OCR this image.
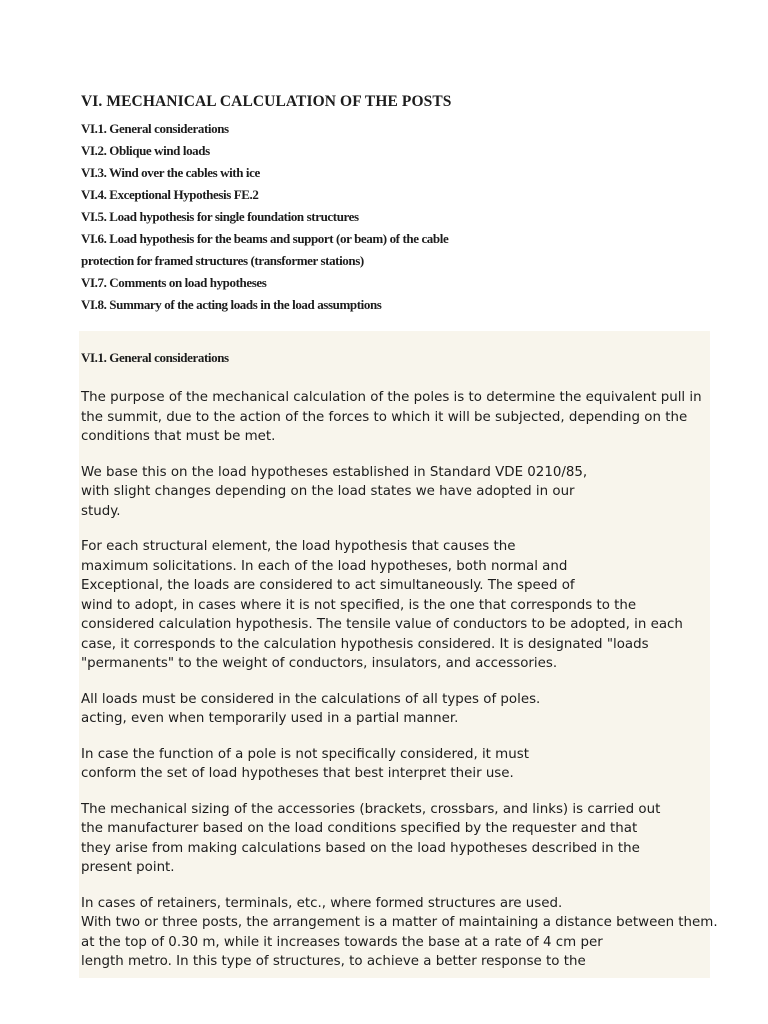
VI. MECHANICAL CALCULATION OF THE POSTS
VI.1. General considerations
VI.2. Oblique wind loads
VI.3. Wind over the cables with ice
VI.4. Exceptional Hypothesis FE.2
VI.5. Load hypothesis for single foundation structures
VI.6. Load hypothesis for the beams and support (or beam) of the cable
protection for framed structures (transformer stations)
VI.7. Comments on load hypotheses
VI.8. Summary of the acting loads in the load assumptions
VI.1. General considerations

The purpose of the mechanical calculation of the poles is to determine the equivalent pull in
the summit, due to the action of the forces to which it will be subjected, depending on the
conditions that must be met.

We base this on the load hypotheses established in Standard VDE 0210/85,
with slight changes depending on the load states we have adopted in our
study.

For each structural element, the load hypothesis that causes the
maximum solicitations. In each of the load hypotheses, both normal and
Exceptional, the loads are considered to act simultaneously. The speed of
wind to adopt, in cases where it is not specified, is the one that corresponds to the
considered calculation hypothesis. The tensile value of conductors to be adopted, in each
case, it corresponds to the calculation hypothesis considered. It is designated "loads
"permanents" to the weight of conductors, insulators, and accessories.

All loads must be considered in the calculations of all types of poles.
acting, even when temporarily used in a partial manner.

In case the function of a pole is not specifically considered, it must
conform the set of load hypotheses that best interpret their use.

The mechanical sizing of the accessories (brackets, crossbars, and links) is carried out
the manufacturer based on the load conditions specified by the requester and that
they arise from making calculations based on the load hypotheses described in the
present point.

In cases of retainers, terminals, etc., where formed structures are used.
With two or three posts, the arrangement is a matter of maintaining a distance between them.
at the top of 0.30 m, while it increases towards the base at a rate of 4 cm per
length metro. In this type of structures, to achieve a better response to the
